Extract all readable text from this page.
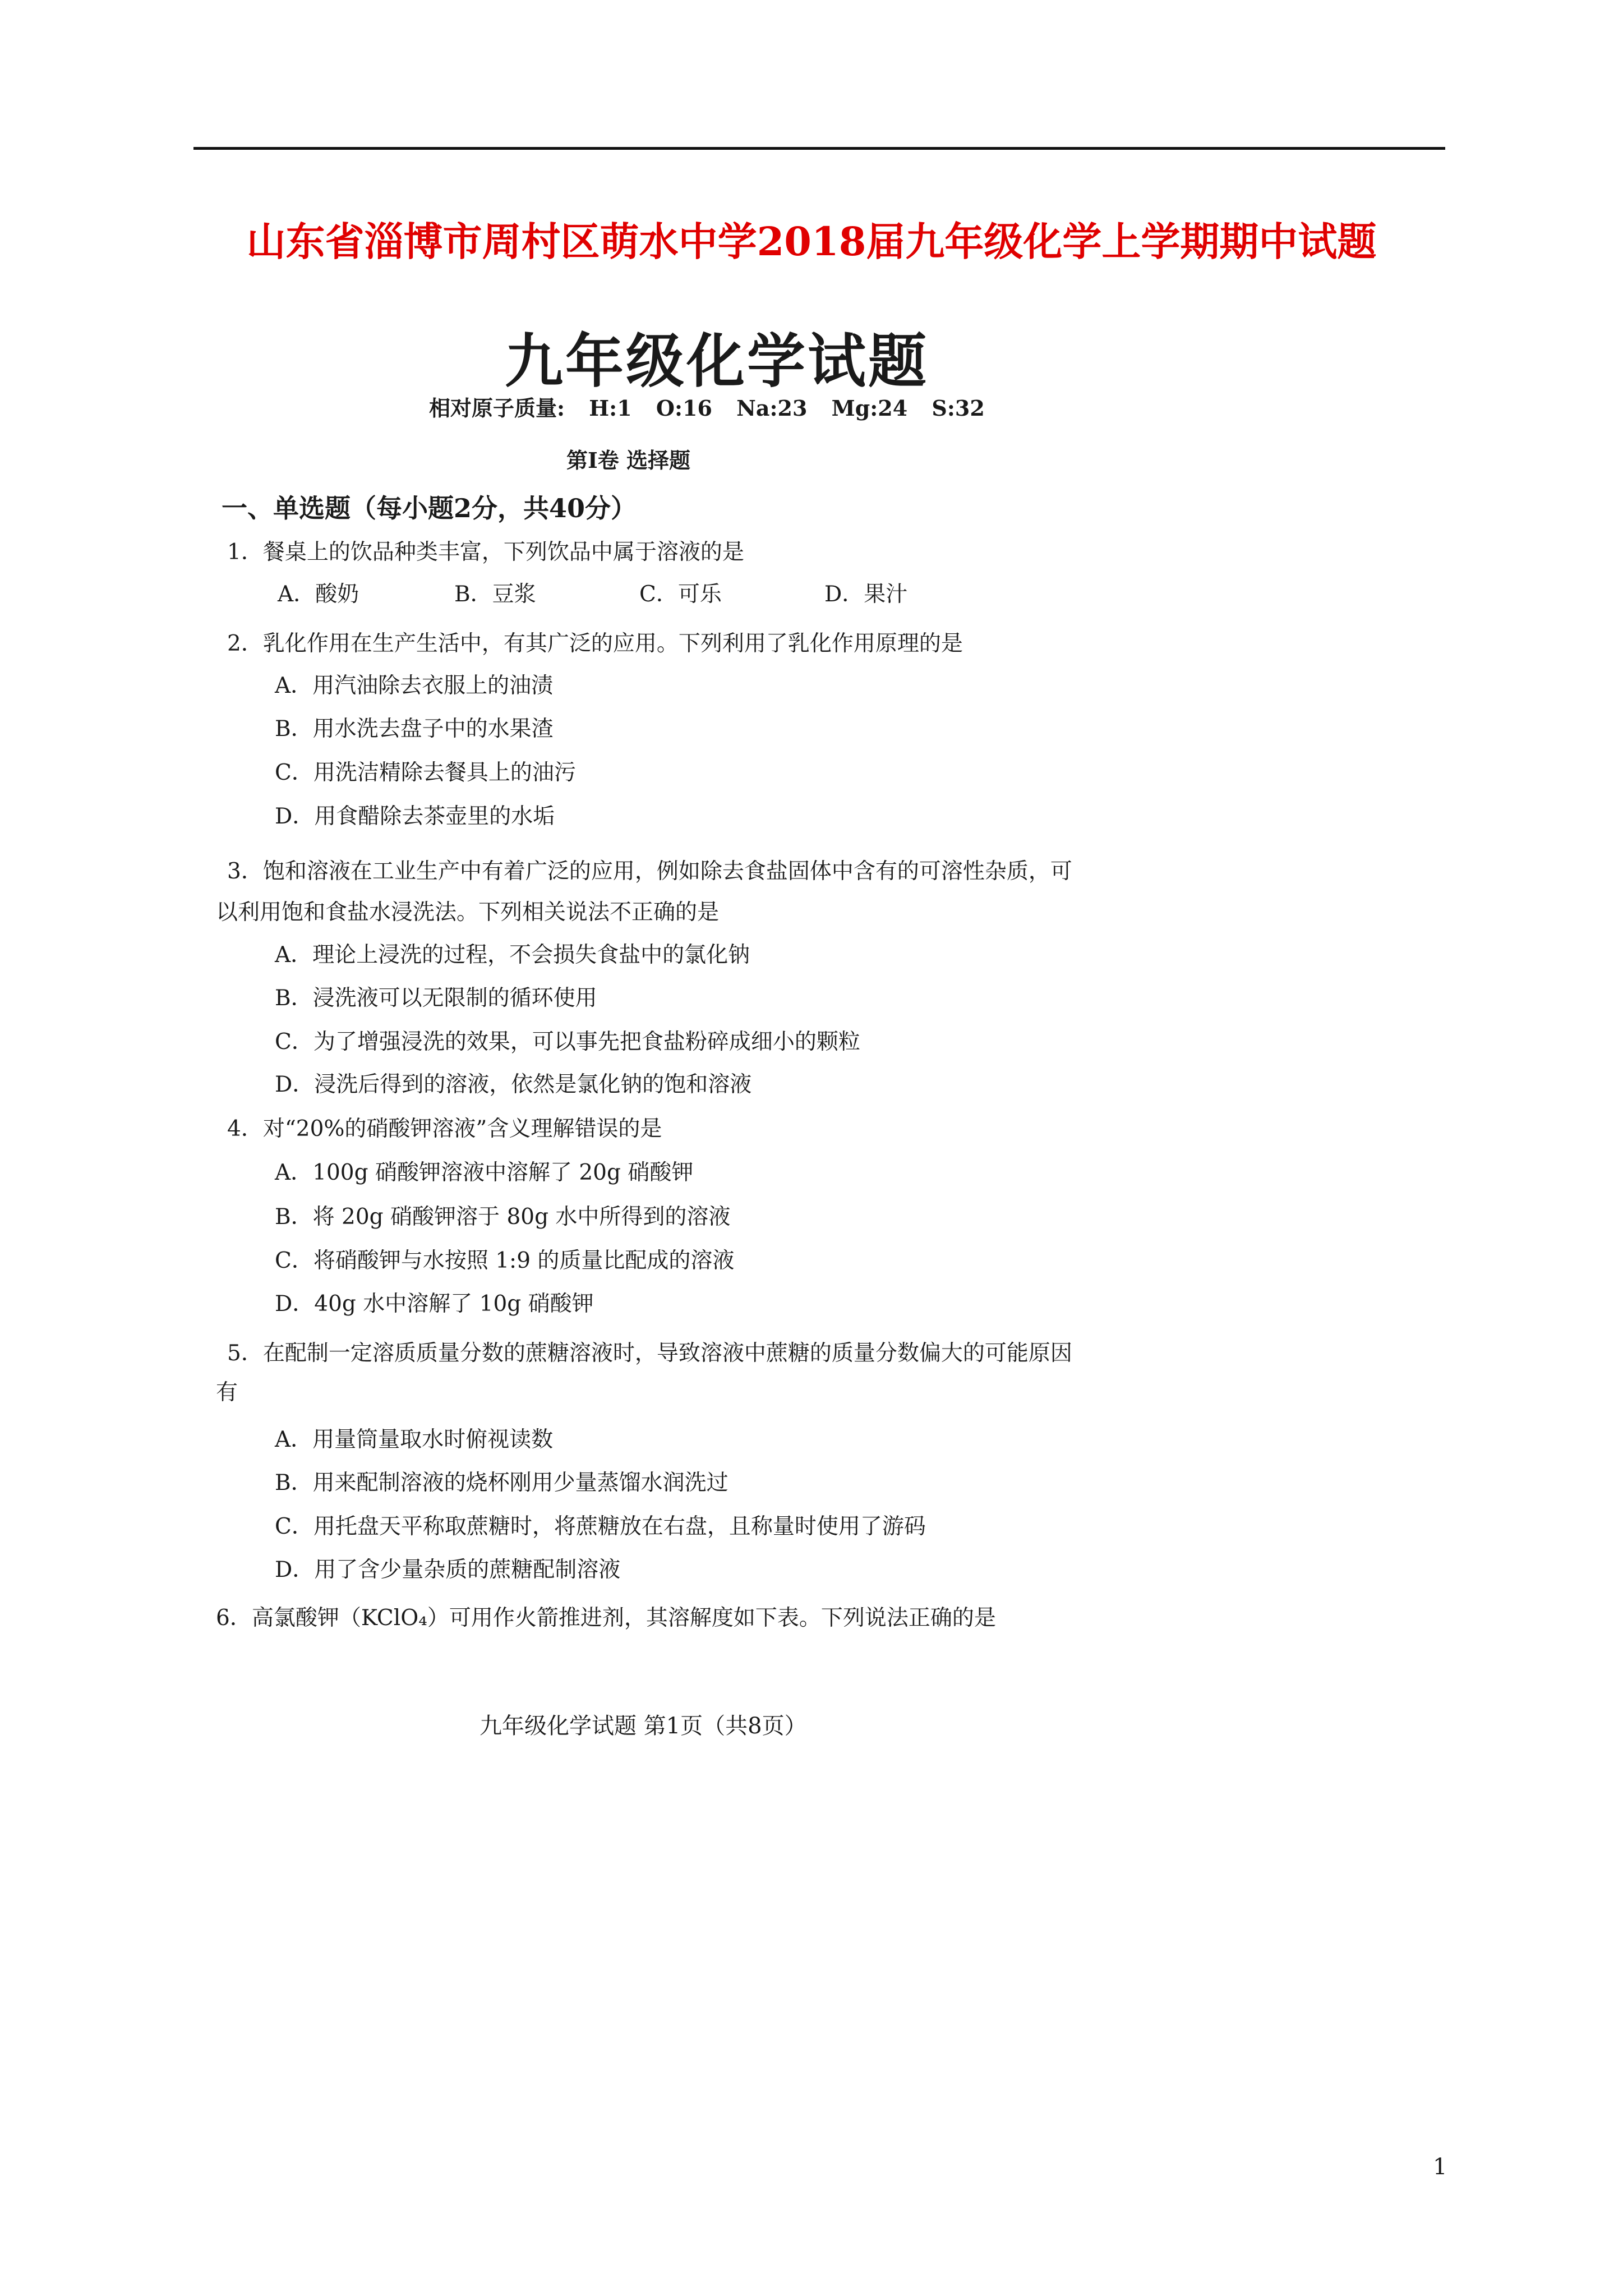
山东省淄博市周村区萌水中学2018届九年级化学上学期期中试题
九年级化学试题
相对原子质量: H:1 O:16 Na:23 Mg:24 S:32
第Ⅰ卷 选择题
一、单选题（每小题2分，共40分）
1．餐桌上的饮品种类丰富，下列饮品中属于溶液的是
A．酸奶	B．豆浆	C．可乐	D．果汁
2．乳化作用在生产生活中，有其广泛的应用。下列利用了乳化作用原理的是
A．用汽油除去衣服上的油渍
B．用水洗去盘子中的水果渣
C．用洗洁精除去餐具上的油污
D．用食醋除去茶壶里的水垢
3．饱和溶液在工业生产中有着广泛的应用，例如除去食盐固体中含有的可溶性杂质，可
以利用饱和食盐水浸洗法。下列相关说法不正确的是
A．理论上浸洗的过程，不会损失食盐中的氯化钠
B．浸洗液可以无限制的循环使用
C．为了增强浸洗的效果，可以事先把食盐粉碎成细小的颗粒
D．浸洗后得到的溶液，依然是氯化钠的饱和溶液
4．对“20%的硝酸钾溶液”含义理解错误的是
A．100g 硝酸钾溶液中溶解了 20g 硝酸钾
B．将 20g 硝酸钾溶于 80g 水中所得到的溶液
C．将硝酸钾与水按照 1:9 的质量比配成的溶液
D．40g 水中溶解了 10g 硝酸钾
5．在配制一定溶质质量分数的蔗糖溶液时，导致溶液中蔗糖的质量分数偏大的可能原因
有
A．用量筒量取水时俯视读数
B．用来配制溶液的烧杯刚用少量蒸馏水润洗过
C．用托盘天平称取蔗糖时，将蔗糖放在右盘，且称量时使用了游码
D．用了含少量杂质的蔗糖配制溶液
6．高氯酸钾（KClO₄）可用作火箭推进剂，其溶解度如下表。下列说法正确的是
九年级化学试题 第1页（共8页）
1
